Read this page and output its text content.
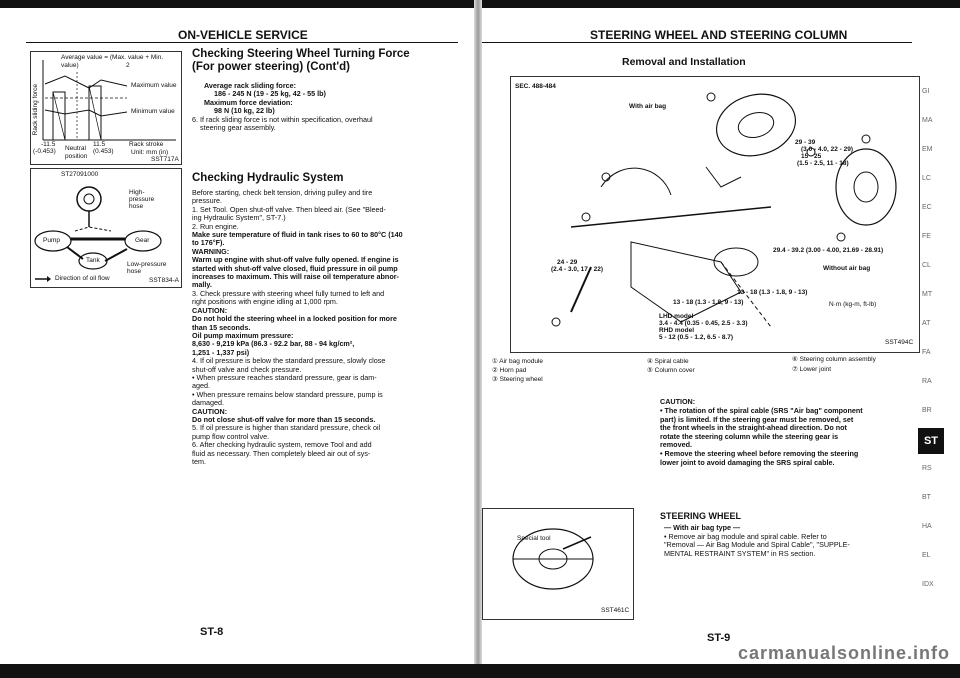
ON-VEHICLE SERVICE
Average value = (Max. value + Min. value)	2
Maximum value
Minimum value
Rack sliding force
-11.5	11.5	Rack stroke
(-0.453) Neutral (0.453)
position
Unit: mm (in)
SST717A
ST27091000
High-
pressure
hose
Pump	Gear
Tank
Low-pressure
hose
Direction of oil flow	SST834-A
Checking Steering Wheel Turning Force
(For power steering) (Cont'd)
Average rack sliding force:
186 - 245 N (19 - 25 kg, 42 - 55 lb)
Maximum force deviation:
98 N (10 kg, 22 lb)
6. If rack sliding force is not within specification, overhaul
steering gear assembly.
Checking Hydraulic System
Before starting, check belt tension, driving pulley and tire
pressure.
1. Set Tool. Open shut-off valve. Then bleed air. (See "Bleed-
ing Hydraulic System", ST-7.)
2. Run engine.
Make sure temperature of fluid in tank rises to 60 to 80°C (140
to 176°F).
WARNING:
Warm up engine with shut-off valve fully opened. If engine is
started with shut-off valve closed, fluid pressure in oil pump
increases to maximum. This will raise oil temperature abnor-
mally.
3. Check pressure with steering wheel fully turned to left and
right positions with engine idling at 1,000 rpm.
CAUTION:
Do not hold the steering wheel in a locked position for more
than 15 seconds.
Oil pump maximum pressure:
8,630 - 9,219 kPa (86.3 - 92.2 bar, 88 - 94 kg/cm²,
1,251 - 1,337 psi)
4. If oil pressure is below the standard pressure, slowly close
shut-off valve and check pressure.
• When pressure reaches standard pressure, gear is dam-
aged.
• When pressure remains below standard pressure, pump is
damaged.
CAUTION:
Do not close shut-off valve for more than 15 seconds.
5. If oil pressure is higher than standard pressure, check oil
pump flow control valve.
6. After checking hydraulic system, remove Tool and add
fluid as necessary. Then completely bleed air out of sys-
tem.
ST-8
STEERING WHEEL AND STEERING COLUMN
Removal and Installation
SEC. 488-484
With air bag
29 - 39
(3.0 - 4.0, 22 - 29)
15 - 25
(1.5 - 2.5, 11 - 18)
24 - 29
(2.4 - 3.0, 17 - 22)
29.4 - 39.2 (3.00 - 4.00, 21.69 - 28.91)
Without air bag
13 - 18 (1.3 - 1.8, 9 - 13)
13 - 18 (1.3 - 1.8, 9 - 13)
LHD model
3.4 - 4.4 (0.35 - 0.45, 2.5 - 3.3)
RHD model
5 - 12 (0.5 - 1.2, 6.5 - 8.7)
N·m (kg-m, ft-lb)
SST494C
① Air bag module
② Horn pad
③ Steering wheel
④ Spiral cable
⑤ Column cover
⑥ Steering column assembly
⑦ Lower joint
CAUTION:
• The rotation of the spiral cable (SRS "Air bag" component
part) is limited. If the steering gear must be removed, set
the front wheels in the straight-ahead direction. Do not
rotate the steering column while the steering gear is
removed.
• Remove the steering wheel before removing the steering
lower joint to avoid damaging the SRS spiral cable.
Special tool
SST461C
STEERING WHEEL
— With air bag type —
• Remove air bag module and spiral cable. Refer to
"Removal — Air Bag Module and Spiral Cable", "SUPPLE-
MENTAL RESTRAINT SYSTEM" in RS section.
ST-9
GI
MA
EM
LC
EC
FE
CL
MT
AT
FA
RA
BR
ST
RS
BT
HA
EL
IDX
carmanualsonline.info
